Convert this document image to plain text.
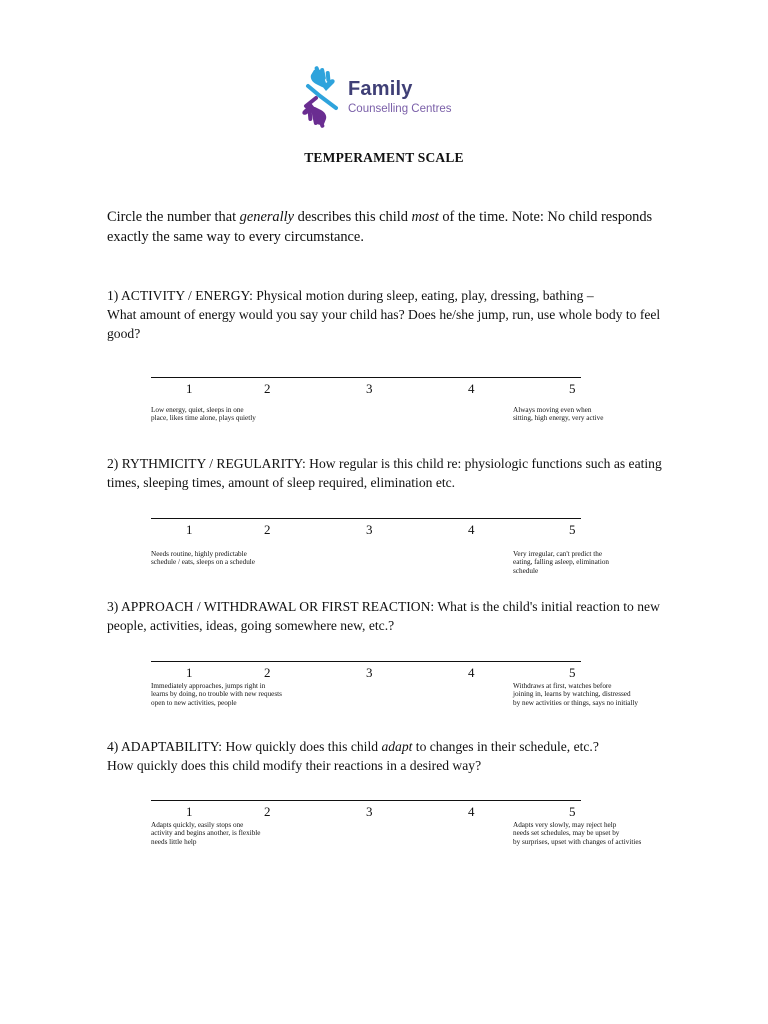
Family
Counselling Centres
TEMPERAMENT SCALE
Circle the number that generally describes this child most of the time. Note: No child responds exactly the same way to every circumstance.

1) ACTIVITY / ENERGY: Physical motion during sleep, eating, play, dressing, bathing –
What amount of energy would you say your child has? Does he/she jump, run, use whole body to feel good?

1	2	3	4	5
Low energy, quiet, sleeps in one
place, likes time alone, plays quietly
Always moving even when
sitting, high energy, very active

2) RYTHMICITY / REGULARITY: How regular is this child re: physiologic functions such as eating times, sleeping times, amount of sleep required, elimination etc.

1	2	3	4	5
Needs routine, highly predictable
schedule / eats, sleeps on a schedule
Very irregular, can't predict the
eating, falling asleep, elimination
schedule

3) APPROACH / WITHDRAWAL OR FIRST REACTION: What is the child's initial reaction to new people, activities, ideas, going somewhere new, etc.?

1	2	3	4	5
Immediately approaches, jumps right in
learns by doing, no trouble with new requests
open to new activities, people
Withdraws at first, watches before
joining in, learns by watching, distressed
by new activities or things, says no initially

4) ADAPTABILITY: How quickly does this child adapt to changes in their schedule, etc.?
How quickly does this child modify their reactions in a desired way?

1	2	3	4	5
Adapts quickly, easily stops one
activity and begins another, is flexible
needs little help
Adapts very slowly, may reject help
needs set schedules, may be upset by
by surprises, upset with changes of activities
